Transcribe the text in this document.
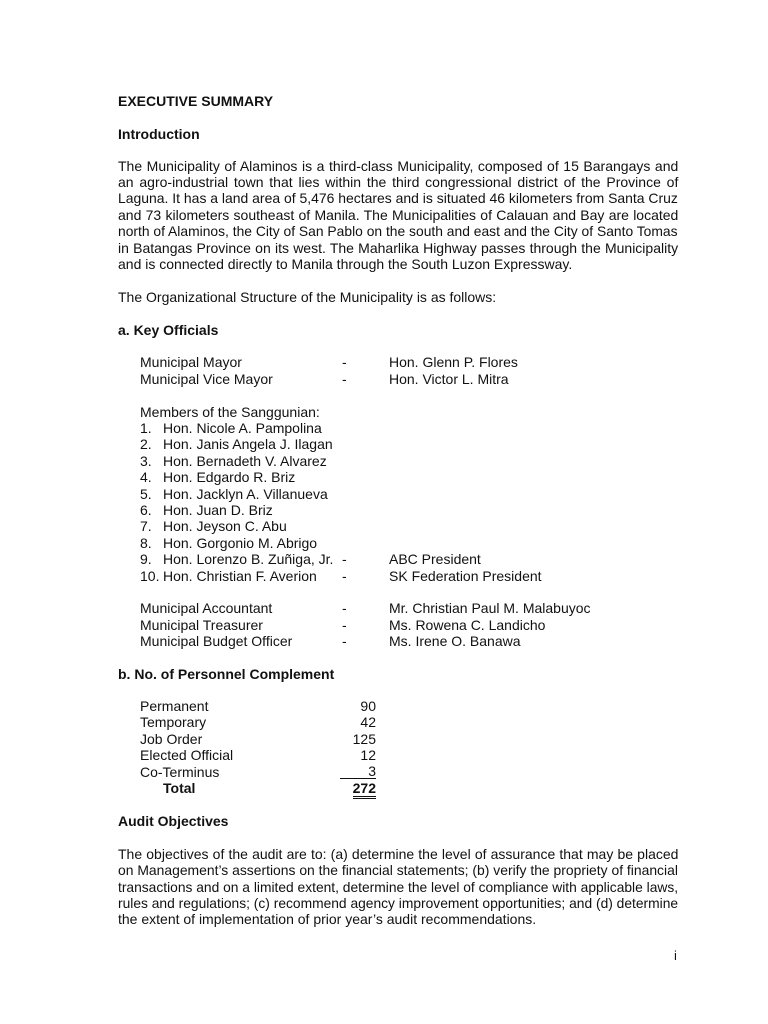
EXECUTIVE SUMMARY
Introduction
The Municipality of Alaminos is a third-class Municipality, composed of 15 Barangays and
an agro-industrial town that lies within the third congressional district of the Province of
Laguna. It has a land area of 5,476 hectares and is situated 46 kilometers from Santa Cruz
and 73 kilometers southeast of Manila. The Municipalities of Calauan and Bay are located
north of Alaminos, the City of San Pablo on the south and east and the City of Santo Tomas
in Batangas Province on its west. The Maharlika Highway passes through the Municipality
and is connected directly to Manila through the South Luzon Expressway.
The Organizational Structure of the Municipality is as follows:
a. Key Officials
Municipal Mayor	-	Hon. Glenn P. Flores
Municipal Vice Mayor	-	Hon. Victor L. Mitra
Members of the Sanggunian:
1. Hon. Nicole A. Pampolina
2. Hon. Janis Angela J. Ilagan
3. Hon. Bernadeth V. Alvarez
4. Hon. Edgardo R. Briz
5. Hon. Jacklyn A. Villanueva
6. Hon. Juan D. Briz
7. Hon. Jeyson C. Abu
8. Hon. Gorgonio M. Abrigo
9. Hon. Lorenzo B. Zuñiga, Jr. -	ABC President
10. Hon. Christian F. Averion -	SK Federation President
Municipal Accountant	-	Mr. Christian Paul M. Malabuyoc
Municipal Treasurer	-	Ms. Rowena C. Landicho
Municipal Budget Officer	-	Ms. Irene O. Banawa
b. No. of Personnel Complement
Permanent	90
Temporary	42
Job Order	125
Elected Official	12
Co-Terminus	3
Total	272
Audit Objectives
The objectives of the audit are to: (a) determine the level of assurance that may be placed
on Management’s assertions on the financial statements; (b) verify the propriety of financial
transactions and on a limited extent, determine the level of compliance with applicable laws,
rules and regulations; (c) recommend agency improvement opportunities; and (d) determine
the extent of implementation of prior year’s audit recommendations.
i
